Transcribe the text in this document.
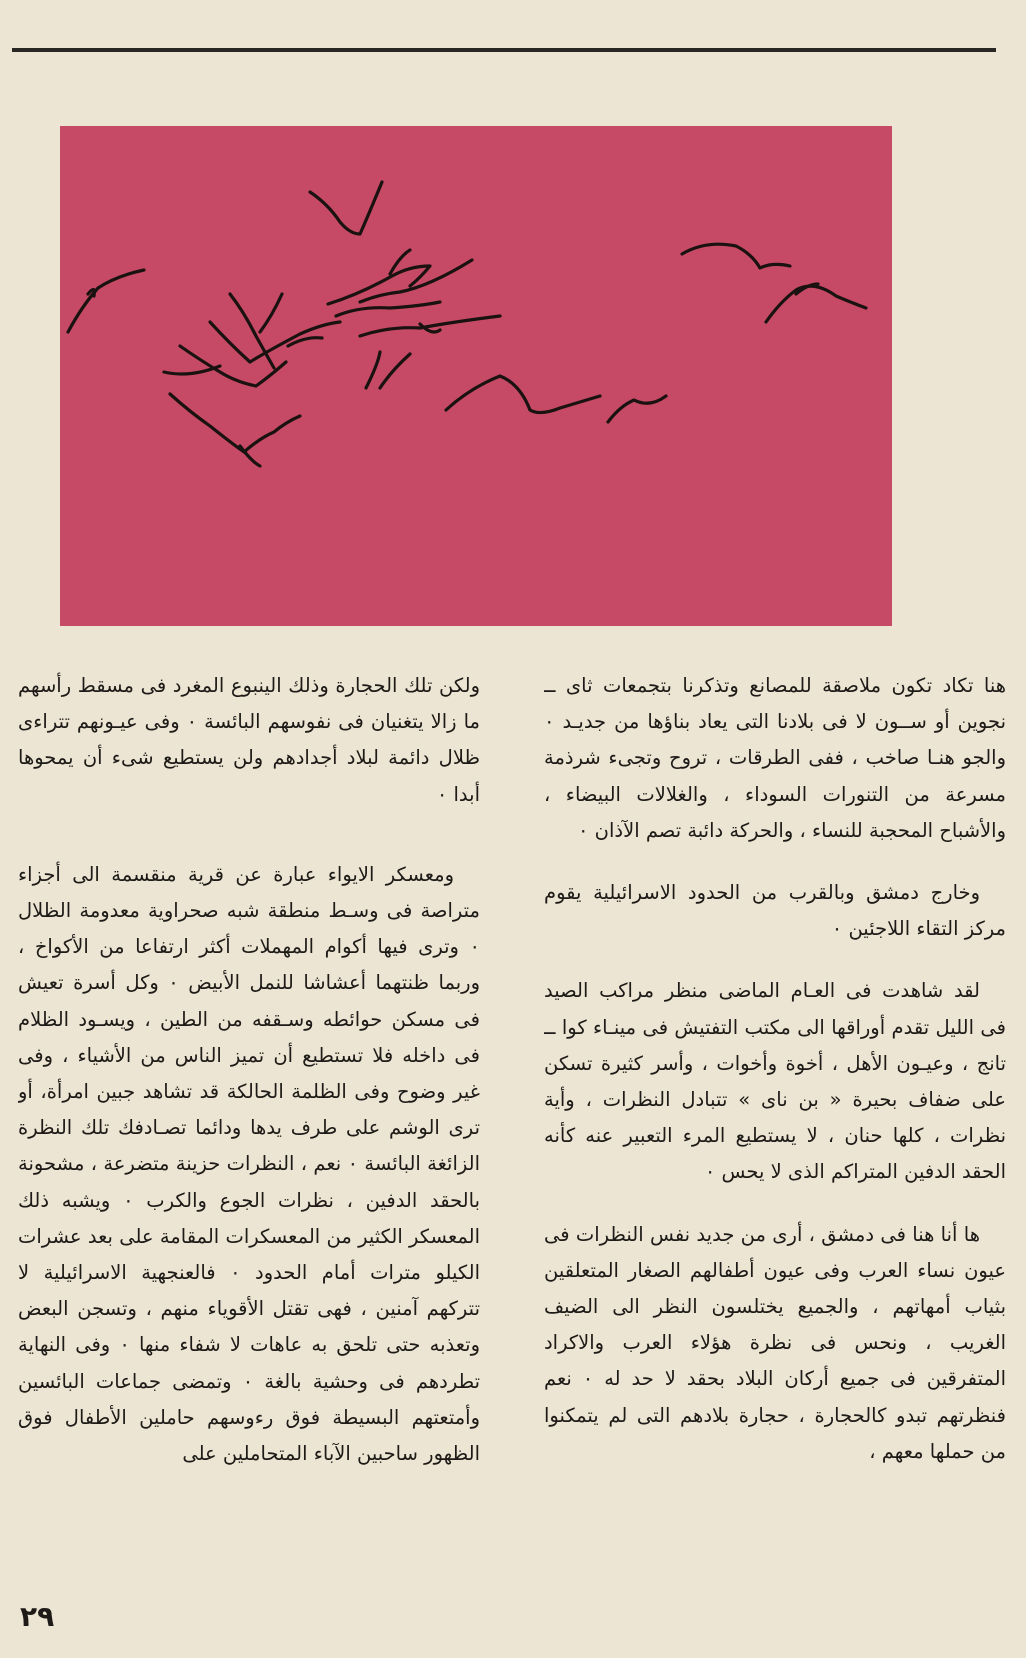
هنا تكاد تكون ملاصقة للمصانع وتذكرنا بتجمعات ثاى ــ نجوين أو ســون لا فى بلادنا التى يعاد بناؤها من جديـد ٠ والجو هنـا صاخب ، ففى الطرقات ، تروح وتجىء شرذمة مسرعة من التنورات السوداء ، والغلالات البيضاء ، والأشباح المحجبة للنساء ، والحركة دائبة تصم الآذان ٠

وخارج دمشق وبالقرب من الحدود الاسرائيلية يقوم مركز التقاء اللاجئين ٠

لقد شاهدت فى العـام الماضى منظر مراكب الصيد فى الليل تقدم أوراقها الى مكتب التفتيش فى مينـاء كوا ــ تانج ، وعيـون الأهل ، أخوة وأخوات ، وأسر كثيرة تسكن على ضفاف بحيرة « بن ناى » تتبادل النظرات ، وأية نظرات ، كلها حنان ، لا يستطيع المرء التعبير عنه كأنه الحقد الدفين المتراكم الذى لا يحس ٠

ها أنا هنا فى دمشق ، أرى من جديد نفس النظرات فى عيون نساء العرب وفى عيون أطفالهم الصغار المتعلقين بثياب أمهاتهم ، والجميع يختلسون النظر الى الضيف الغريب ، ونحس فى نظرة هؤلاء العرب والاكراد المتفرقين فى جميع أركان البلاد بحقد لا حد له ٠ نعم فنظرتهم تبدو كالحجارة ، حجارة بلادهم التى لم يتمكنوا من حملها معهم ،

ولكن تلك الحجارة وذلك الينبوع المغرد فى مسقط رأسهم ما زالا يتغنيان فى نفوسهم البائسة ٠ وفى عيـونهم تتراءى ظلال دائمة لبلاد أجدادهم ولن يستطيع شىء أن يمحوها أبدا ٠

ومعسكر الايواء عبارة عن قرية منقسمة الى أجزاء متراصة فى وسـط منطقة شبه صحراوية معدومة الظلال ٠ وترى فيها أكوام المهملات أكثر ارتفاعا من الأكواخ ، وربما ظنتهما أعشاشا للنمل الأبيض ٠ وكل أسرة تعيش فى مسكن حوائطه وسـقفه من الطين ، ويسـود الظلام فى داخله فلا تستطيع أن تميز الناس من الأشياء ، وفى غير وضوح وفى الظلمة الحالكة قد تشاهد جبين امرأة، أو ترى الوشم على طرف يدها ودائما تصـادفك تلك النظرة الزائغة البائسة ٠ نعم ، النظرات حزينة متضرعة ، مشحونة بالحقد الدفين ، نظرات الجوع والكرب ٠ ويشبه ذلك المعسكر الكثير من المعسكرات المقامة على بعد عشرات الكيلو مترات أمام الحدود ٠ فالعنجهية الاسرائيلية لا تتركهم آمنين ، فهى تقتل الأقوياء منهم ، وتسجن البعض وتعذبه حتى تلحق به عاهات لا شفاء منها ٠ وفى النهاية تطردهم فى وحشية بالغة ٠ وتمضى جماعات البائسين وأمتعتهم البسيطة فوق رءوسهم حاملين الأطفال فوق الظهور ساحبين الآباء المتحاملين على

٢٩
